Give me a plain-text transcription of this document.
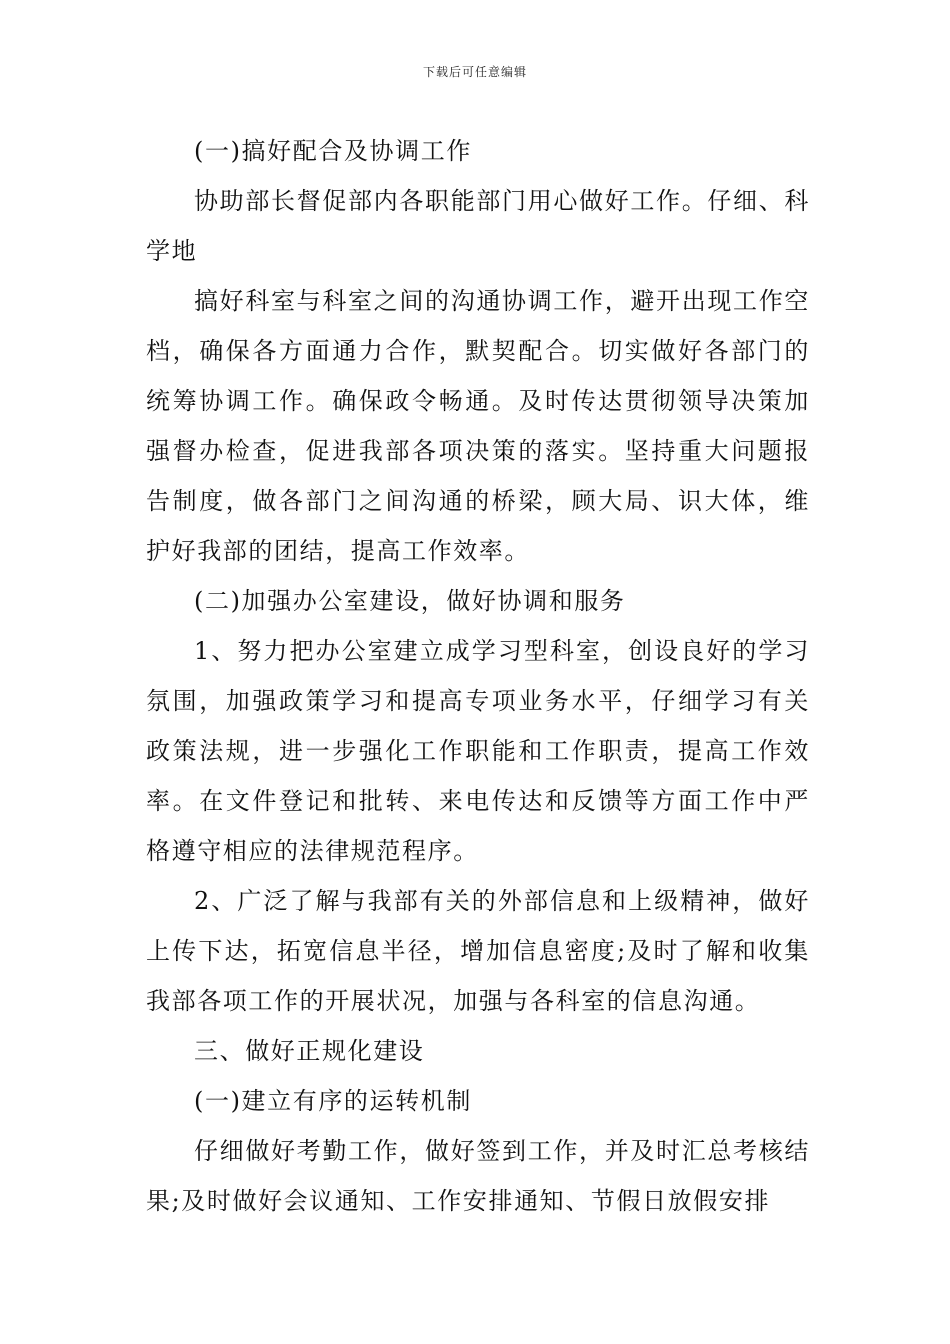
下载后可任意编辑

(一)搞好配合及协调工作

协助部长督促部内各职能部门用心做好工作。仔细、科学地

搞好科室与科室之间的沟通协调工作，避开出现工作空档，确保各方面通力合作，默契配合。切实做好各部门的统筹协调工作。确保政令畅通。及时传达贯彻领导决策加强督办检查，促进我部各项决策的落实。坚持重大问题报告制度，做各部门之间沟通的桥梁，顾大局、识大体，维护好我部的团结，提高工作效率。

(二)加强办公室建设，做好协调和服务

1、努力把办公室建立成学习型科室，创设良好的学习氛围，加强政策学习和提高专项业务水平，仔细学习有关政策法规，进一步强化工作职能和工作职责，提高工作效率。在文件登记和批转、来电传达和反馈等方面工作中严格遵守相应的法律规范程序。

2、广泛了解与我部有关的外部信息和上级精神，做好上传下达，拓宽信息半径，增加信息密度;及时了解和收集我部各项工作的开展状况，加强与各科室的信息沟通。

三、做好正规化建设

(一)建立有序的运转机制

仔细做好考勤工作，做好签到工作，并及时汇总考核结果;及时做好会议通知、工作安排通知、节假日放假安排
